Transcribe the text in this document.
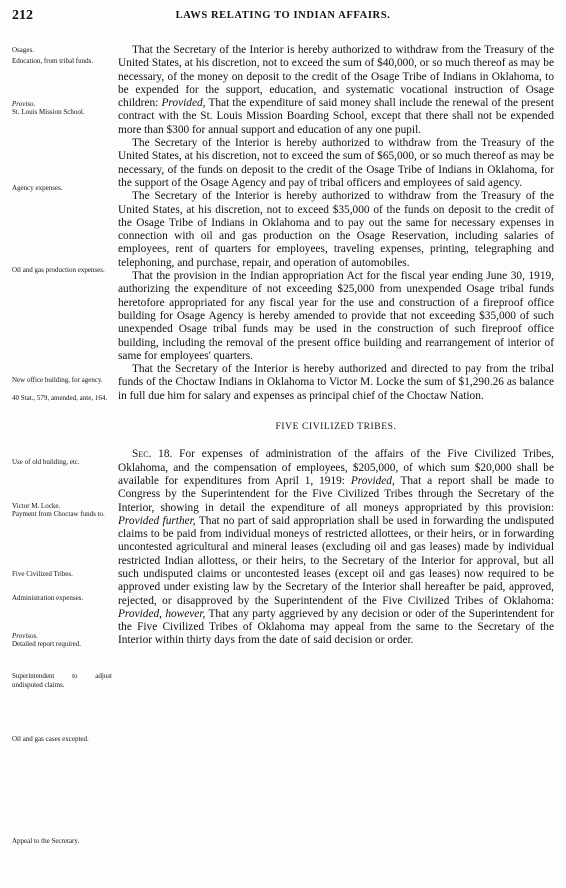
212	LAWS RELATING TO INDIAN AFFAIRS.
Osages.
Education, from tribal funds.
Proviso.
St. Louis Mission School.
Agency expenses.
Oil and gas production expenses.
New office building, for agency.
40 Stat., 579, amended, ante, 164.
Use of old building, etc.
Victor M. Locke.
Payment from Choctaw funds to.
Five Civilized Tribes.
Administration expenses.
Provisos.
Detailed report required.
Superintendent to adjust undisputed claims.
Oil and gas cases excepted.
Appeal to the Secretary.

That the Secretary of the Interior is hereby authorized to withdraw from the Treasury of the United States, at his discretion, not to exceed the sum of $40,000, or so much thereof as may be necessary, of the money on deposit to the credit of the Osage Tribe of Indians in Oklahoma, to be expended for the support, education, and systematic vocational instruction of Osage children: Provided, That the expenditure of said money shall include the renewal of the present contract with the St. Louis Mission Boarding School, except that there shall not be expended more than $300 for annual support and education of any one pupil.

The Secretary of the Interior is hereby authorized to withdraw from the Treasury of the United States, at his discretion, not to exceed the sum of $65,000, or so much thereof as may be necessary, of the funds on deposit to the credit of the Osage Tribe of Indians in Oklahoma, for the support of the Osage Agency and pay of tribal officers and employees of said agency.

The Secretary of the Interior is hereby authorized to withdraw from the Treasury of the United States, at his discretion, not to exceed $35,000 of the funds on deposit to the credit of the Osage Tribe of Indians in Oklahoma and to pay out the same for necessary expenses in connection with oil and gas production on the Osage Reservation, including salaries of employees, rent of quarters for employees, traveling expenses, printing, telegraphing and telephoning, and purchase, repair, and operation of automobiles.

That the provision in the Indian appropriation Act for the fiscal year ending June 30, 1919, authorizing the expenditure of not exceeding $25,000 from unexpended Osage tribal funds heretofore appropriated for any fiscal year for the use and construction of a fireproof office building for Osage Agency is hereby amended to provide that not exceeding $35,000 of such unexpended Osage tribal funds may be used in the construction of such fireproof office building, including the removal of the present office building and rearrangement of interior of same for employees' quarters.

That the Secretary of the Interior is hereby authorized and directed to pay from the tribal funds of the Choctaw Indians in Oklahoma to Victor M. Locke the sum of $1,290.26 as balance in full due him for salary and expenses as principal chief of the Choctaw Nation.

FIVE CIVILIZED TRIBES.

Sec. 18. For expenses of administration of the affairs of the Five Civilized Tribes, Oklahoma, and the compensation of employees, $205,000, of which sum $20,000 shall be available for expenditures from April 1, 1919: Provided, That a report shall be made to Congress by the Superintendent for the Five Civilized Tribes through the Secretary of the Interior, showing in detail the expenditure of all moneys appropriated by this provision: Provided further, That no part of said appropriation shall be used in forwarding the undisputed claims to be paid from individual moneys of restricted allottees, or their heirs, or in forwarding uncontested agricultural and mineral leases (excluding oil and gas leases) made by individual restricted Indian allottess, or their heirs, to the Secretary of the Interior for approval, but all such undisputed claims or uncontested leases (except oil and gas leases) now required to be approved under existing law by the Secretary of the Interior shall hereafter be paid, approved, rejected, or disapproved by the Superintendent of the Five Civilized Tribes of Oklahoma: Provided, however, That any party aggrieved by any decision or oder of the Superintendent for the Five Civilized Tribes of Oklahoma may appeal from the same to the Secretary of the Interior within thirty days from the date of said decision or order.
